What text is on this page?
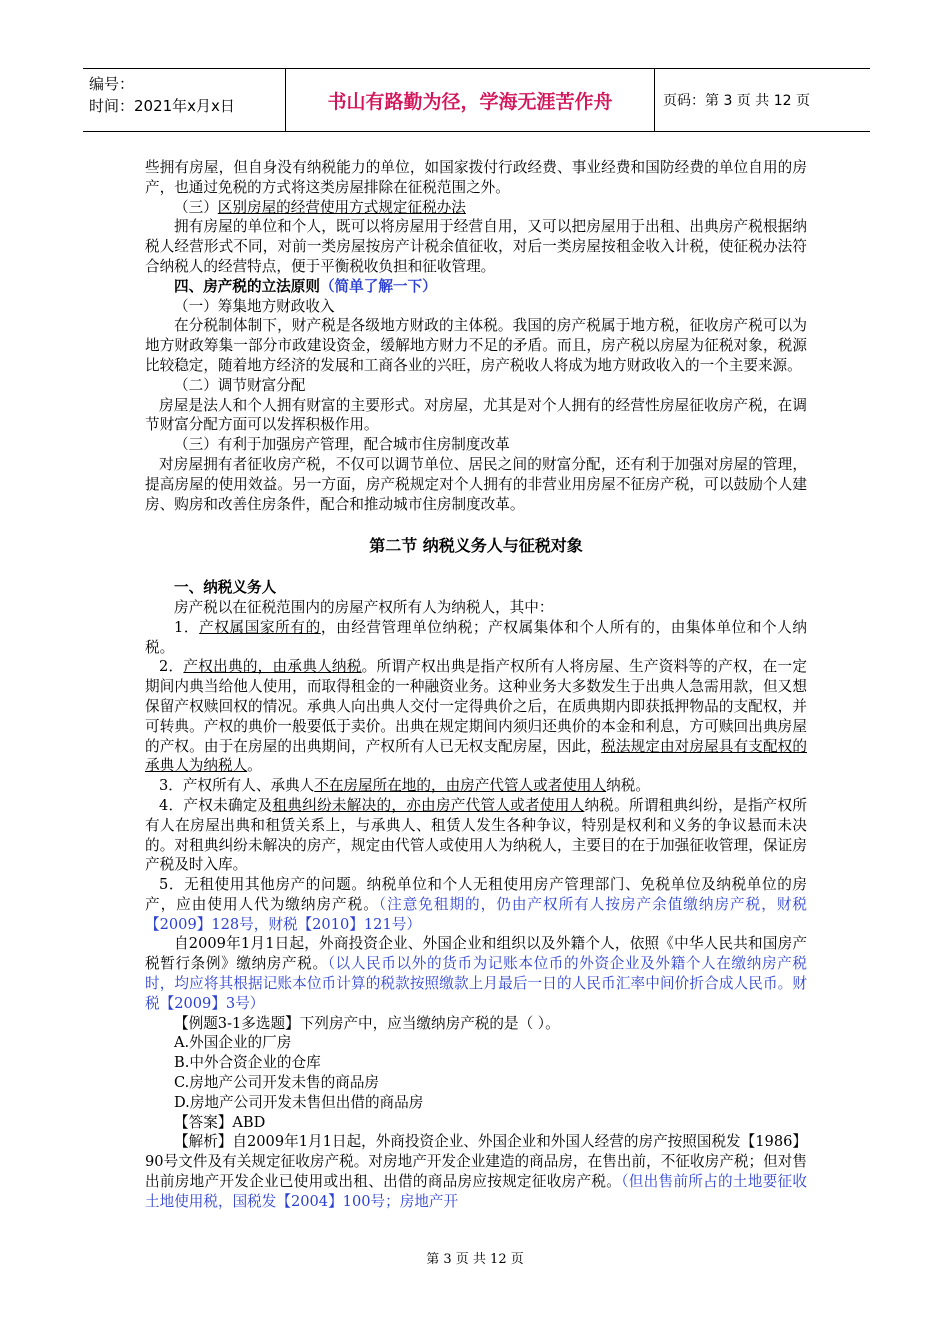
编号：
时间：2021年x月x日	书山有路勤为径，学海无涯苦作舟	页码：第 3 页 共 12 页

些拥有房屋，但自身没有纳税能力的单位，如国家拨付行政经费、事业经费和国防经费的单位自用的房产，也通过免税的方式将这类房屋排除在征税范围之外。

（三）区别房屋的经营使用方式规定征税办法

拥有房屋的单位和个人，既可以将房屋用于经营自用，又可以把房屋用于出租、出典房产税根据纳税人经营形式不同，对前一类房屋按房产计税余值征收，对后一类房屋按租金收入计税，使征税办法符合纳税人的经营特点，便于平衡税收负担和征收管理。

四、房产税的立法原则（简单了解一下）

（一）筹集地方财政收入

在分税制体制下，财产税是各级地方财政的主体税。我国的房产税属于地方税，征收房产税可以为地方财政筹集一部分市政建设资金，缓解地方财力不足的矛盾。而且，房产税以房屋为征税对象，税源比较稳定，随着地方经济的发展和工商各业的兴旺，房产税收人将成为地方财政收入的一个主要来源。

（二）调节财富分配

房屋是法人和个人拥有财富的主要形式。对房屋，尤其是对个人拥有的经营性房屋征收房产税，在调节财富分配方面可以发挥积极作用。

（三）有利于加强房产管理，配合城市住房制度改革

对房屋拥有者征收房产税，不仅可以调节单位、居民之间的财富分配，还有利于加强对房屋的管理，提高房屋的使用效益。另一方面，房产税规定对个人拥有的非营业用房屋不征房产税，可以鼓励个人建房、购房和改善住房条件，配合和推动城市住房制度改革。

第二节 纳税义务人与征税对象

一、纳税义务人

房产税以在征税范围内的房屋产权所有人为纳税人，其中：

1．产权属国家所有的，由经营管理单位纳税；产权属集体和个人所有的，由集体单位和个人纳税。

2．产权出典的，由承典人纳税。所谓产权出典是指产权所有人将房屋、生产资料等的产权，在一定期间内典当给他人使用，而取得租金的一种融资业务。这种业务大多数发生于出典人急需用款，但又想保留产权赎回权的情况。承典人向出典人交付一定得典价之后，在质典期内即获抵押物品的支配权，并可转典。产权的典价一般要低于卖价。出典在规定期间内须归还典价的本金和利息，方可赎回出典房屋的产权。由于在房屋的出典期间，产权所有人已无权支配房屋，因此，税法规定由对房屋具有支配权的承典人为纳税人。

3．产权所有人、承典人不在房屋所在地的，由房产代管人或者使用人纳税。

4．产权未确定及租典纠纷未解决的，亦由房产代管人或者使用人纳税。所谓租典纠纷，是指产权所有人在房屋出典和租赁关系上，与承典人、租赁人发生各种争议，特别是权利和义务的争议悬而未决的。对租典纠纷未解决的房产，规定由代管人或使用人为纳税人，主要目的在于加强征收管理，保证房产税及时入库。

5．无租使用其他房产的问题。纳税单位和个人无租使用房产管理部门、免税单位及纳税单位的房产，应由使用人代为缴纳房产税。（注意免租期的，仍由产权所有人按房产余值缴纳房产税，财税【2009】128号，财税【2010】121号）

自2009年1月1日起，外商投资企业、外国企业和组织以及外籍个人，依照《中华人民共和国房产税暂行条例》缴纳房产税。（以人民币以外的货币为记账本位币的外资企业及外籍个人在缴纳房产税时，均应将其根据记账本位币计算的税款按照缴款上月最后一日的人民币汇率中间价折合成人民币。财税【2009】3号）

【例题3-1多选题】下列房产中，应当缴纳房产税的是（ ）。

A.外国企业的厂房

B.中外合资企业的仓库

C.房地产公司开发未售的商品房

D.房地产公司开发未售但出借的商品房

【答案】ABD

【解析】自2009年1月1日起，外商投资企业、外国企业和外国人经营的房产按照国税发【1986】90号文件及有关规定征收房产税。对房地产开发企业建造的商品房，在售出前，不征收房产税；但对售出前房地产开发企业已使用或出租、出借的商品房应按规定征收房产税。（但出售前所占的土地要征收土地使用税，国税发【2004】100号；房地产开

第 3 页 共 12 页
